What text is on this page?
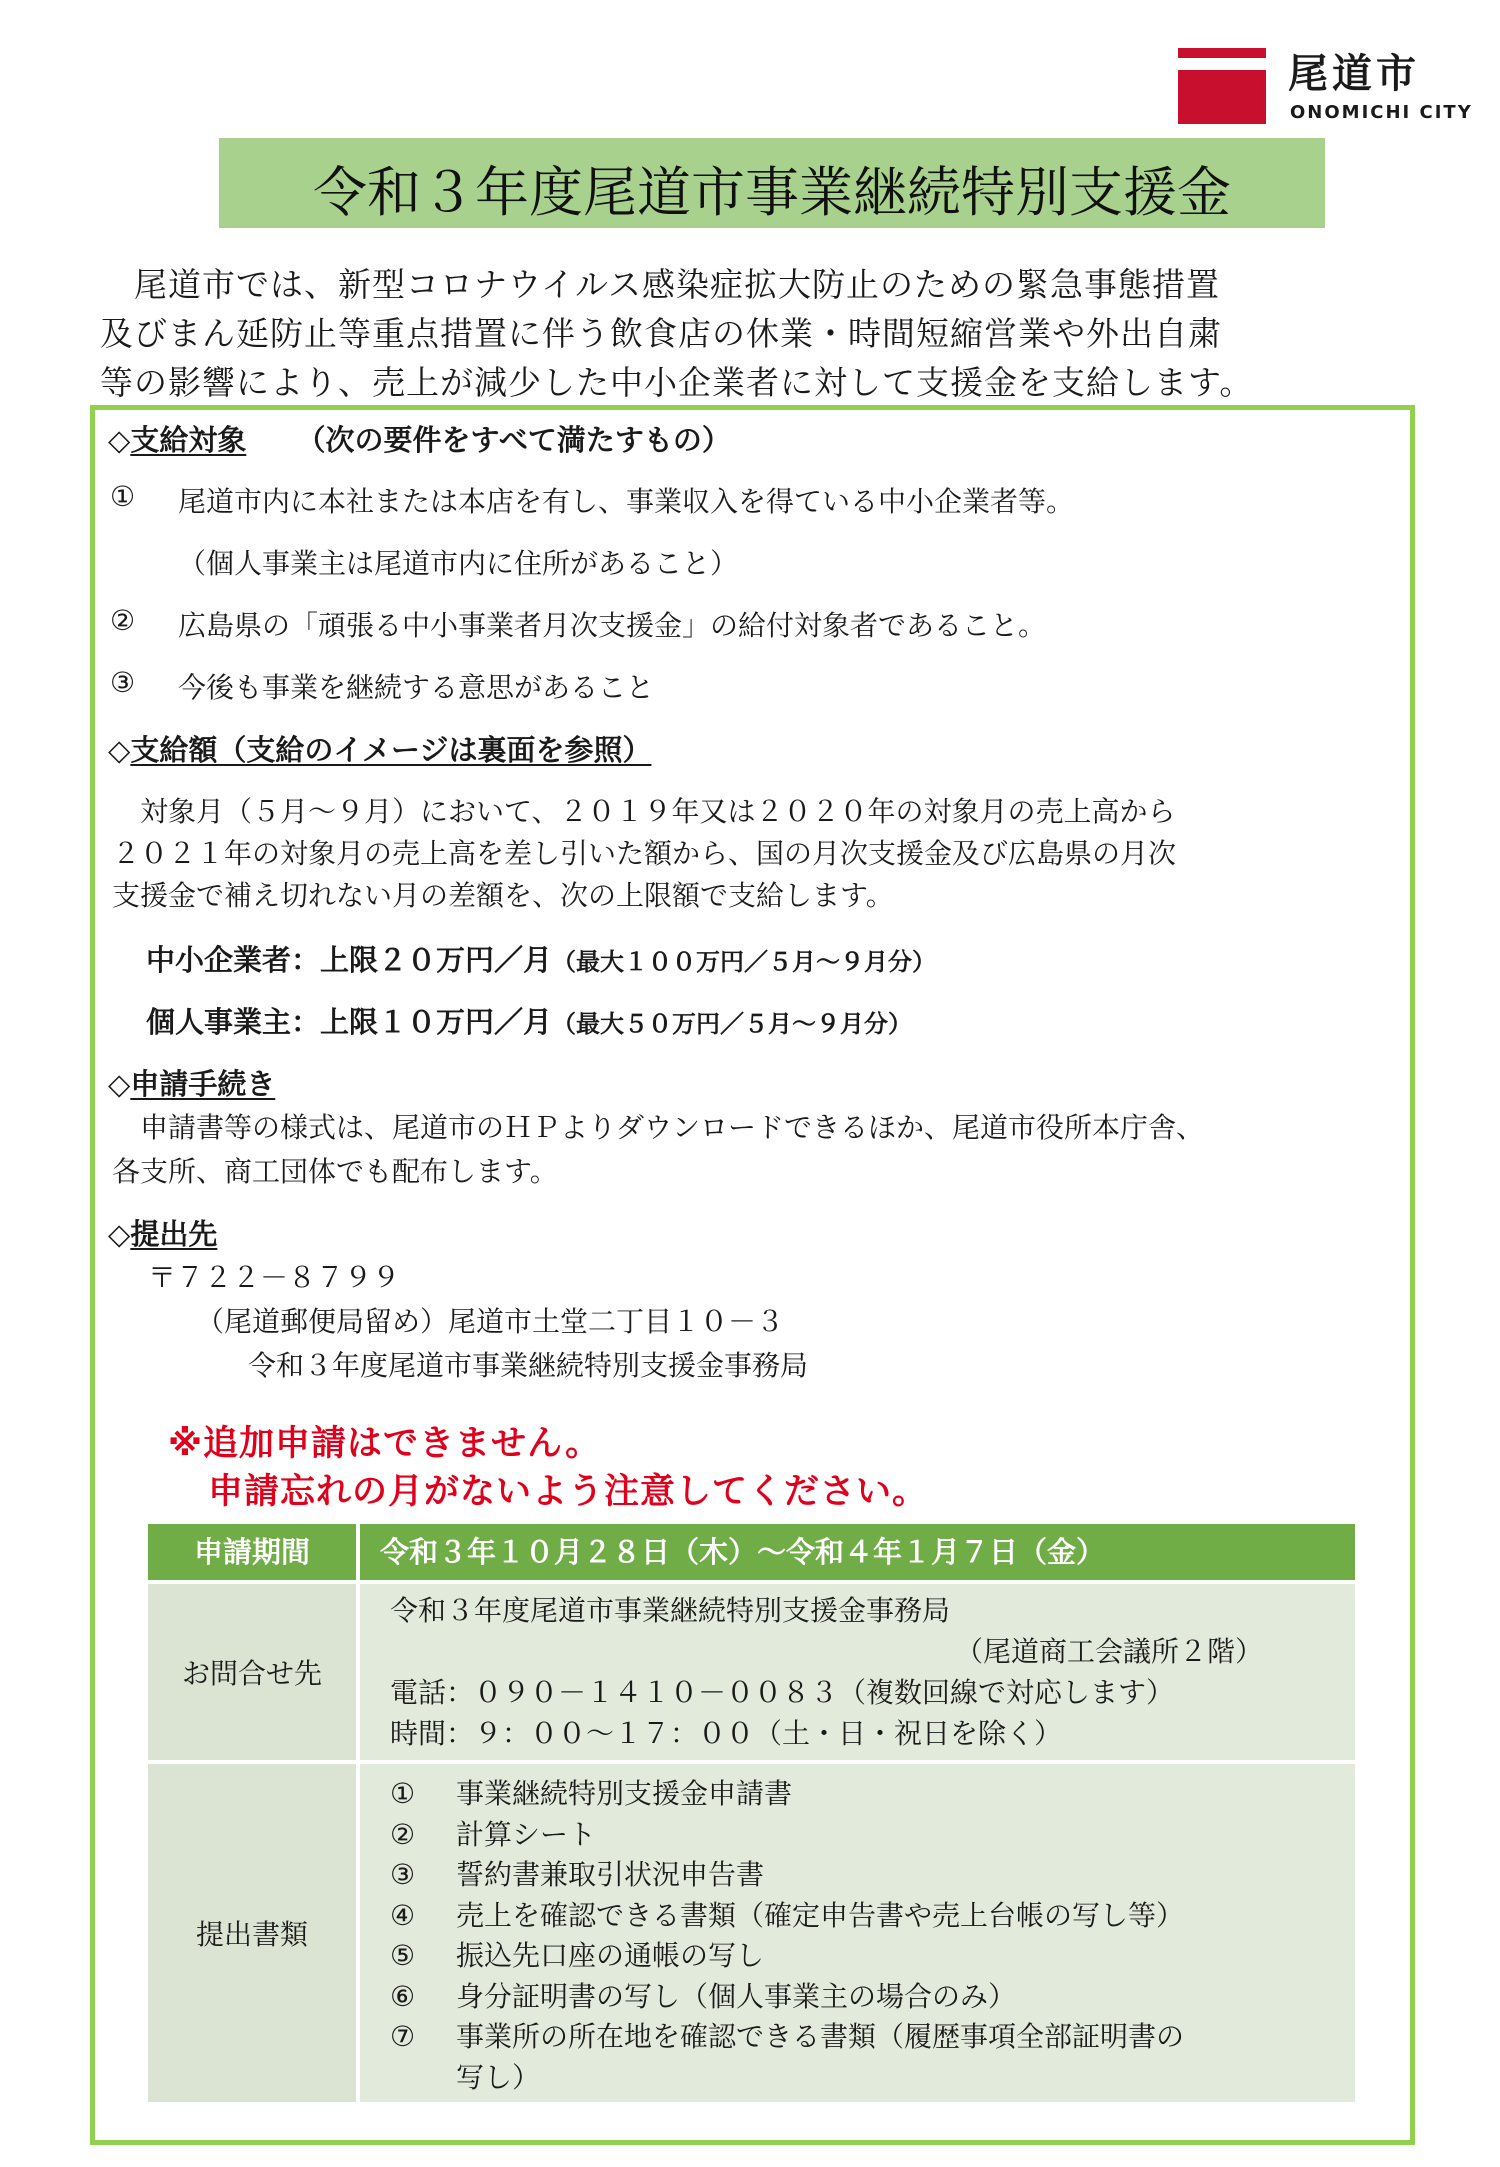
尾道市
ONOMICHI CITY
令和３年度尾道市事業継続特別支援金
　尾道市では、新型コロナウイルス感染症拡大防止のための緊急事態措置
及びまん延防止等重点措置に伴う飲食店の休業・時間短縮営業や外出自粛
等の影響により、売上が減少した中小企業者に対して支援金を支給します。
◇支給対象 （次の要件をすべて満たすもの）
① 尾道市内に本社または本店を有し、事業収入を得ている中小企業者等。
（個人事業主は尾道市内に住所があること）
② 広島県の「頑張る中小事業者月次支援金」の給付対象者であること。
③ 今後も事業を継続する意思があること
◇支給額（支給のイメージは裏面を参照）
　対象月（５月～９月）において、２０１９年又は２０２０年の対象月の売上高から
２０２１年の対象月の売上高を差し引いた額から、国の月次支援金及び広島県の月次
支援金で補え切れない月の差額を、次の上限額で支給します。
中小企業者：上限２０万円／月（最大１００万円／５月～９月分）
個人事業主：上限１０万円／月（最大５０万円／５月～９月分）
◇申請手続き
　申請書等の様式は、尾道市のＨＰよりダウンロードできるほか、尾道市役所本庁舎、
各支所、商工団体でも配布します。
◇提出先
〒７２２－８７９９
（尾道郵便局留め）尾道市土堂二丁目１０－３
令和３年度尾道市事業継続特別支援金事務局
※追加申請はできません。
申請忘れの月がないよう注意してください。
申請期間	令和３年１０月２８日（木）～令和４年１月７日（金）
お問合せ先
令和３年度尾道市事業継続特別支援金事務局
（尾道商工会議所２階）
電話：０９０－１４１０－００８３（複数回線で対応します）
時間：９：００～１７：００（土・日・祝日を除く）
提出書類
① 事業継続特別支援金申請書
② 計算シート
③ 誓約書兼取引状況申告書
④ 売上を確認できる書類（確定申告書や売上台帳の写し等）
⑤ 振込先口座の通帳の写し
⑥ 身分証明書の写し（個人事業主の場合のみ）
⑦ 事業所の所在地を確認できる書類（履歴事項全部証明書の
写し）
